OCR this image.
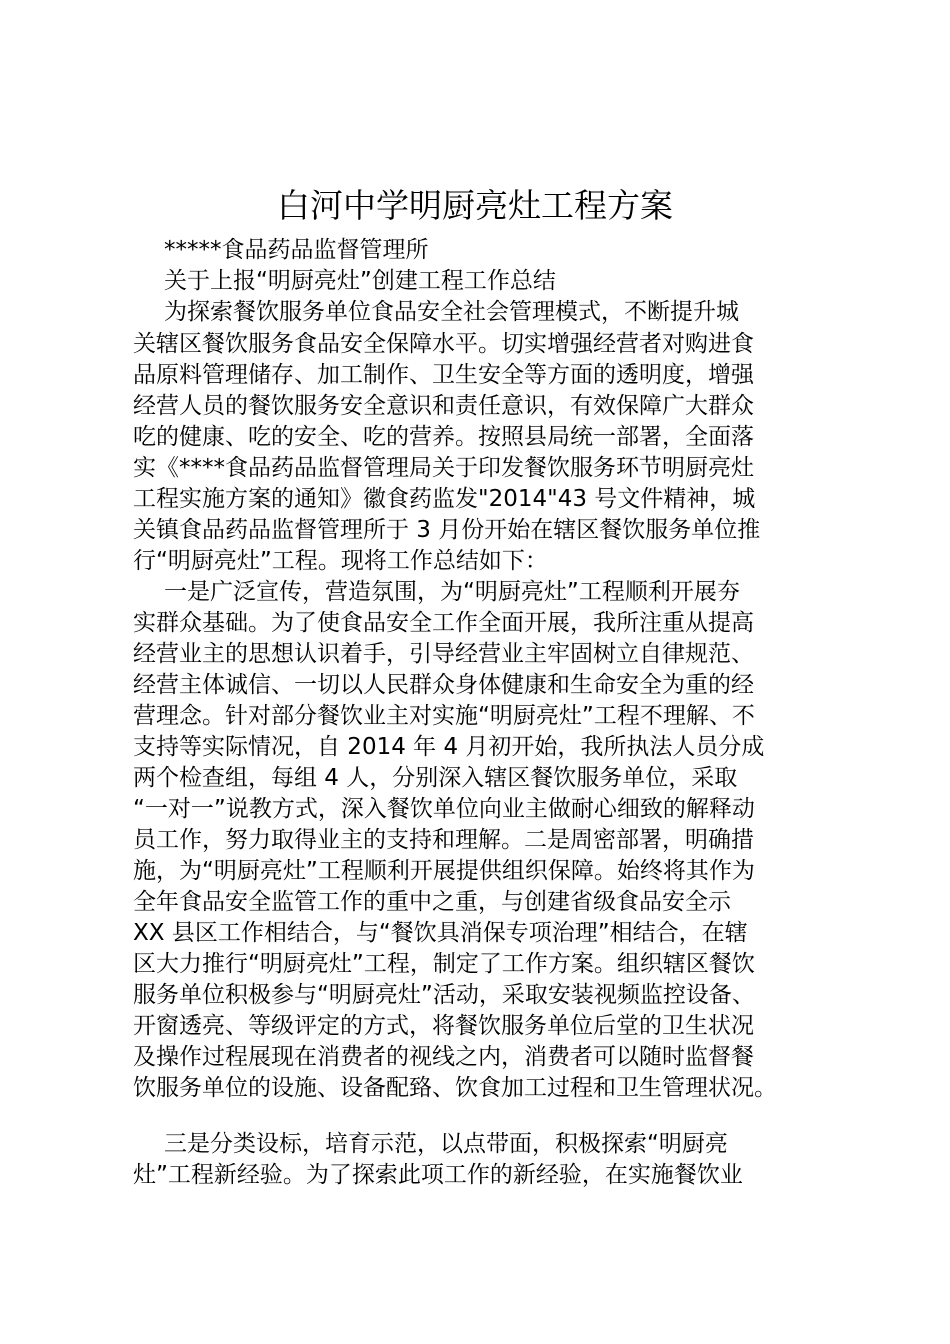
白河中学明厨亮灶工程方案
*****食品药品监督管理所
关于上报“明厨亮灶”创建工程工作总结
为探索餐饮服务单位食品安全社会管理模式，不断提升城
关辖区餐饮服务食品安全保障水平。切实增强经营者对购进食
品原料管理储存、加工制作、卫生安全等方面的透明度，增强
经营人员的餐饮服务安全意识和责任意识，有效保障广大群众
吃的健康、吃的安全、吃的营养。按照县局统一部署，全面落
实《****食品药品监督管理局关于印发餐饮服务环节明厨亮灶
工程实施方案的通知》徽食药监发"2014"43 号文件精神，城
关镇食品药品监督管理所于 3 月份开始在辖区餐饮服务单位推
行“明厨亮灶”工程。现将工作总结如下：
一是广泛宣传，营造氛围，为“明厨亮灶”工程顺利开展夯
实群众基础。为了使食品安全工作全面开展，我所注重从提高
经营业主的思想认识着手，引导经营业主牢固树立自律规范、
经营主体诚信、一切以人民群众身体健康和生命安全为重的经
营理念。针对部分餐饮业主对实施“明厨亮灶”工程不理解、不
支持等实际情况，自 2014 年 4 月初开始，我所执法人员分成
两个检查组，每组 4 人，分别深入辖区餐饮服务单位，采取
“一对一”说教方式，深入餐饮单位向业主做耐心细致的解释动
员工作，努力取得业主的支持和理解。二是周密部署，明确措
施，为“明厨亮灶”工程顺利开展提供组织保障。始终将其作为
全年食品安全监管工作的重中之重，与创建省级食品安全示
XX 县区工作相结合，与“餐饮具消保专项治理”相结合，在辖
区大力推行“明厨亮灶”工程，制定了工作方案。组织辖区餐饮
服务单位积极参与“明厨亮灶”活动，采取安装视频监控设备、
开窗透亮、等级评定的方式，将餐饮服务单位后堂的卫生状况
及操作过程展现在消费者的视线之内，消费者可以随时监督餐
饮服务单位的设施、设备配臵、饮食加工过程和卫生管理状况。
三是分类设标，培育示范，以点带面，积极探索“明厨亮
灶”工程新经验。为了探索此项工作的新经验，在实施餐饮业
